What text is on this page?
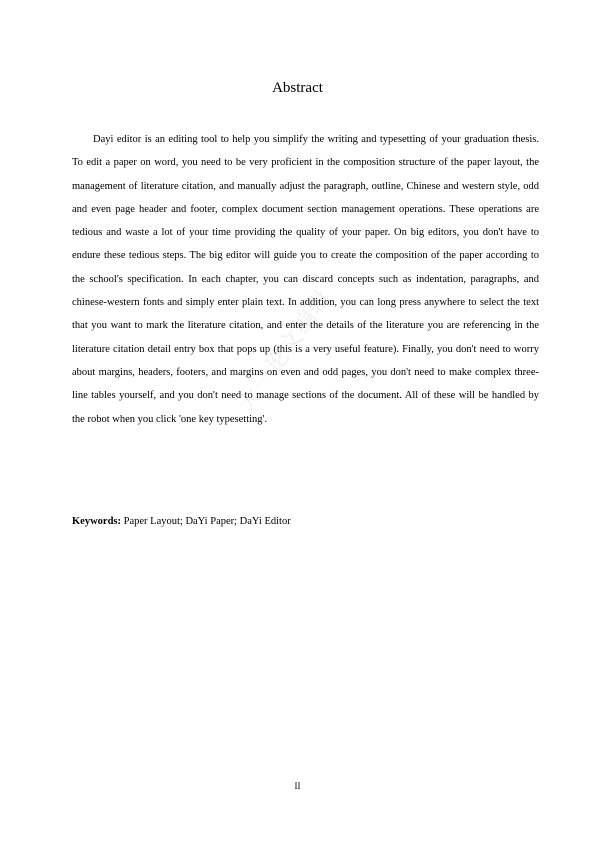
Abstract

Dayi editor is an editing tool to help you simplify the writing and typesetting of your graduation thesis. To edit a paper on word, you need to be very proficient in the composition structure of the paper layout, the management of literature citation, and manually adjust the paragraph, outline, Chinese and western style, odd and even page header and footer, complex document section management operations. These operations are tedious and waste a lot of your time providing the quality of your paper. On big editors, you don't have to endure these tedious steps. The big editor will guide you to create the composition of the paper according to the school's specification. In each chapter, you can discard concepts such as indentation, paragraphs, and chinese-western fonts and simply enter plain text. In addition, you can long press anywhere to select the text that you want to mark the literature citation, and enter the details of the literature you are referencing in the literature citation detail entry box that pops up (this is a very useful feature). Finally, you don't need to worry about margins, headers, footers, and margins on even and odd pages, you don't need to make complex three-line tables yourself, and you don't need to manage sections of the document. All of these will be handled by the robot when you click 'one key typesetting'.

Keywords: Paper Layout; DaYi Paper; DaYi Editor

大一论文编辑
II
